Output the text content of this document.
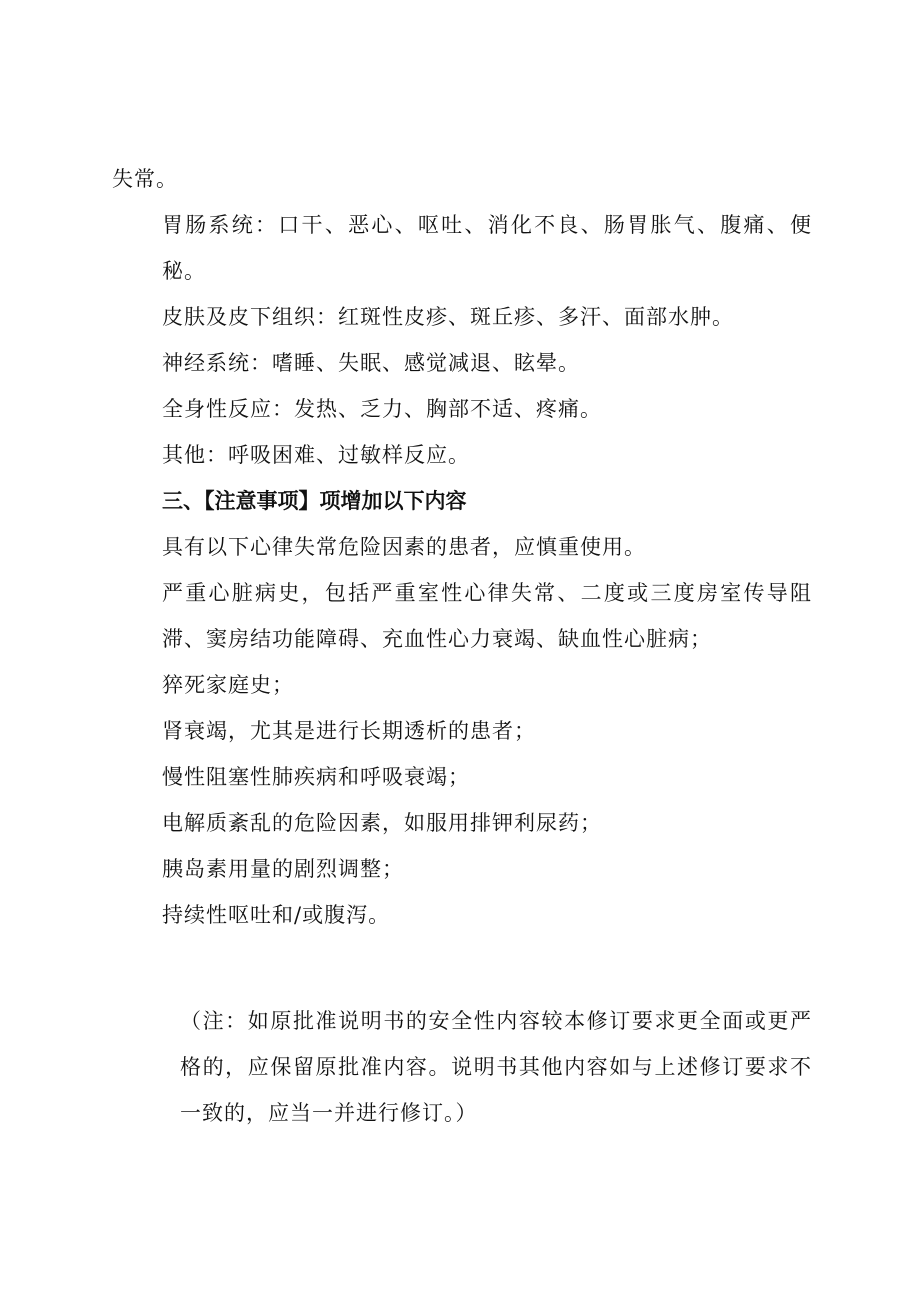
失常。

胃肠系统：口干、恶心、呕吐、消化不良、肠胃胀气、腹痛、便秘。

皮肤及皮下组织：红斑性皮疹、斑丘疹、多汗、面部水肿。

神经系统：嗜睡、失眠、感觉减退、眩晕。

全身性反应：发热、乏力、胸部不适、疼痛。

其他：呼吸困难、过敏样反应。

三、【注意事项】项增加以下内容

具有以下心律失常危险因素的患者，应慎重使用。

严重心脏病史，包括严重室性心律失常、二度或三度房室传导阻滞、窦房结功能障碍、充血性心力衰竭、缺血性心脏病；

猝死家庭史；

肾衰竭，尤其是进行长期透析的患者；

慢性阻塞性肺疾病和呼吸衰竭；

电解质紊乱的危险因素，如服用排钾利尿药；

胰岛素用量的剧烈调整；

持续性呕吐和/或腹泻。

（注：如原批准说明书的安全性内容较本修订要求更全面或更严格的，应保留原批准内容。说明书其他内容如与上述修订要求不一致的，应当一并进行修订。）
